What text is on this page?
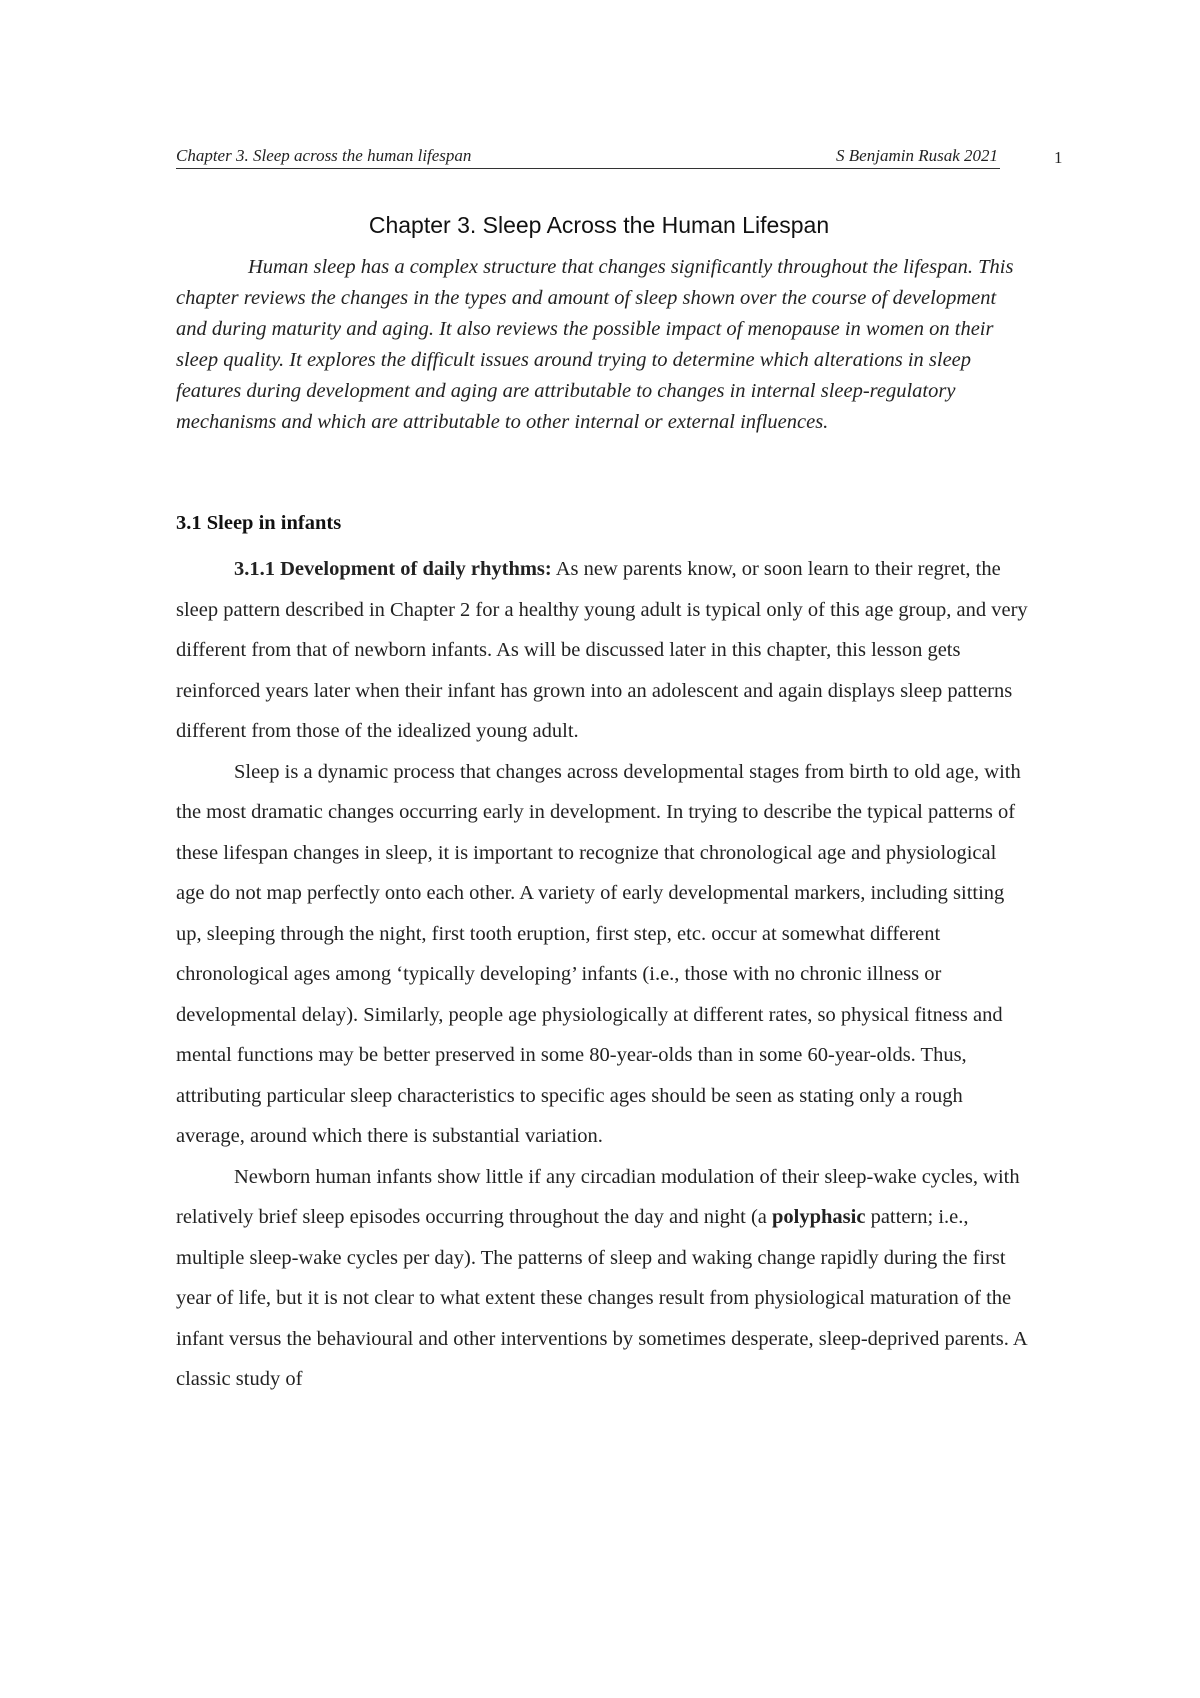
Chapter 3. Sleep across the human lifespan	S Benjamin Rusak 2021	1
Chapter 3. Sleep Across the Human Lifespan
Human sleep has a complex structure that changes significantly throughout the lifespan. This chapter reviews the changes in the types and amount of sleep shown over the course of development and during maturity and aging. It also reviews the possible impact of menopause in women on their sleep quality. It explores the difficult issues around trying to determine which alterations in sleep features during development and aging are attributable to changes in internal sleep-regulatory mechanisms and which are attributable to other internal or external influences.
3.1 Sleep in infants

3.1.1 Development of daily rhythms: As new parents know, or soon learn to their regret, the sleep pattern described in Chapter 2 for a healthy young adult is typical only of this age group, and very different from that of newborn infants. As will be discussed later in this chapter, this lesson gets reinforced years later when their infant has grown into an adolescent and again displays sleep patterns different from those of the idealized young adult.

Sleep is a dynamic process that changes across developmental stages from birth to old age, with the most dramatic changes occurring early in development. In trying to describe the typical patterns of these lifespan changes in sleep, it is important to recognize that chronological age and physiological age do not map perfectly onto each other. A variety of early developmental markers, including sitting up, sleeping through the night, first tooth eruption, first step, etc. occur at somewhat different chronological ages among ‘typically developing’ infants (i.e., those with no chronic illness or developmental delay). Similarly, people age physiologically at different rates, so physical fitness and mental functions may be better preserved in some 80-year-olds than in some 60-year-olds. Thus, attributing particular sleep characteristics to specific ages should be seen as stating only a rough average, around which there is substantial variation.

Newborn human infants show little if any circadian modulation of their sleep-wake cycles, with relatively brief sleep episodes occurring throughout the day and night (a polyphasic pattern; i.e., multiple sleep-wake cycles per day). The patterns of sleep and waking change rapidly during the first year of life, but it is not clear to what extent these changes result from physiological maturation of the infant versus the behavioural and other interventions by sometimes desperate, sleep-deprived parents. A classic study of
